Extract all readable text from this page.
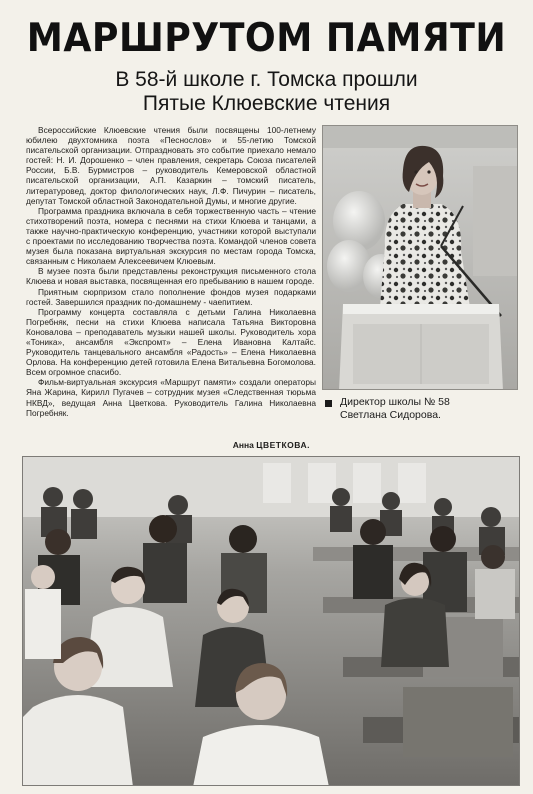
МАРШРУТОМ ПАМЯТИ
В 58-й школе г. Томска прошли
Пятые Клюевские чтения

Всероссийские Клюевские чтения были посвящены 100-летнему юбилею двухтомника поэта «Песнослов» и 55-летию Томской писательской организации. Отпраздновать это событие приехало немало гостей: Н. И. Дорошенко – член правления, секретарь Союза писателей России, Б.В. Бурмистров – руководитель Кемеровской областной писательской организации, А.П. Казаркин – томский писатель, литературовед, доктор филологических наук, Л.Ф. Пичурин – писатель, депутат Томской областной Законодательной Думы, и многие другие.

Программа праздника включала в себя торжественную часть – чтение стихотворений поэта, номера с песнями на стихи Клюева и танцами, а также научно-практическую конференцию, участники которой выступали с проектами по исследованию творчества поэта. Командой членов совета музея была показана виртуальная экскурсия по местам города Томска, связанным с Николаем Алексеевичем Клюевым.

В музее поэта были представлены реконструкция письменного стола Клюева и новая выставка, посвященная его пребыванию в нашем городе.

Приятным сюрпризом стало пополнение фондов музея подарками гостей. Завершился праздник по-домашнему - чаепитием.

Программу концерта составляла с детьми Галина Николаевна Погребняк, песни на стихи Клюева написала Татьяна Викторовна Коновалова – преподаватель музыки нашей школы. Руководитель хора «Тоника», ансамбля «Экспромт» – Елена Ивановна Калтайс. Руководитель танцевального ансамбля «Радость» – Елена Николаевна Орлова. На конференцию детей готовила Елена Витальевна Богомолова. Всем огромное спасибо.

Фильм-виртуальная экскурсия «Маршрут памяти» создали операторы Яна Жарина, Кирилл Пугачев – сотрудник музея «Следственная тюрьма НКВД», ведущая Анна Цветкова. Руководитель Галина Николаевна Погребняк.

Анна ЦВЕТКОВА.
Директор школы № 58
Светлана Сидорова.
